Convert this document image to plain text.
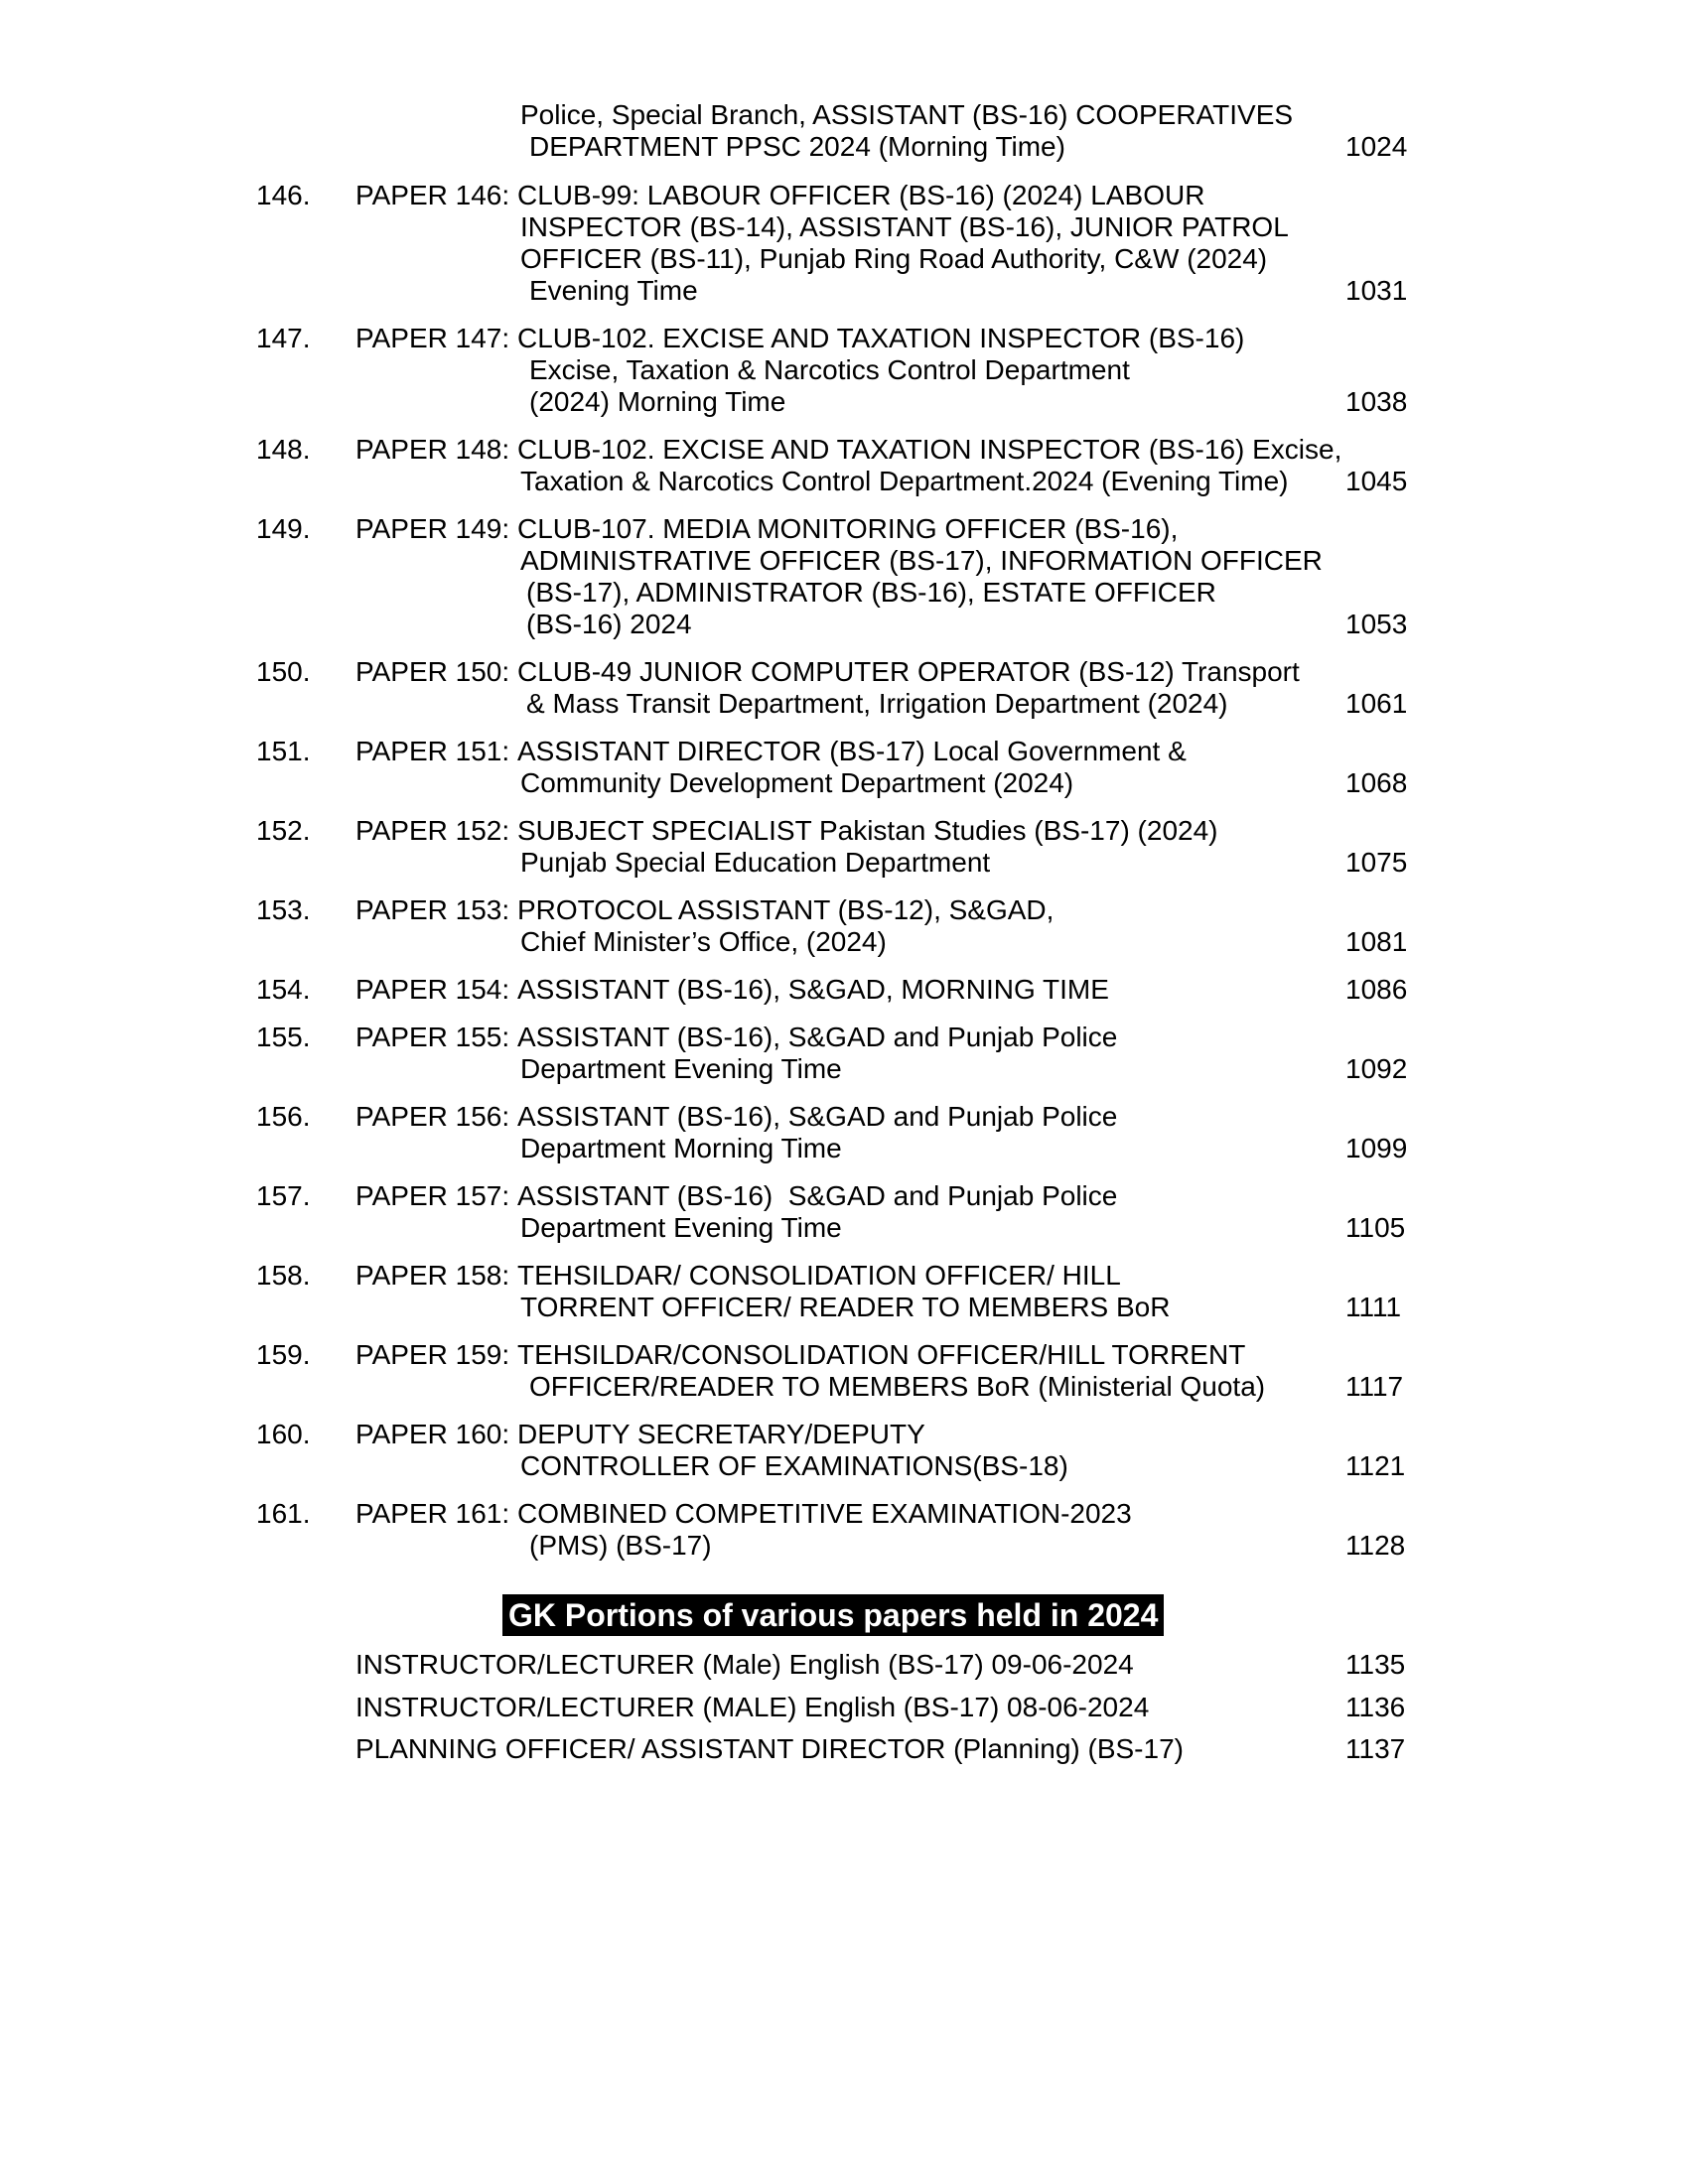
Police, Special Branch, ASSISTANT (BS-16) COOPERATIVES
DEPARTMENT PPSC 2024 (Morning Time)	1024
146. PAPER 146: CLUB-99: LABOUR OFFICER (BS-16) (2024) LABOUR
INSPECTOR (BS-14), ASSISTANT (BS-16), JUNIOR PATROL
OFFICER (BS-11), Punjab Ring Road Authority, C&W (2024)
Evening Time	1031
147. PAPER 147: CLUB-102. EXCISE AND TAXATION INSPECTOR (BS-16)
Excise, Taxation & Narcotics Control Department
(2024) Morning Time	1038
148. PAPER 148: CLUB-102. EXCISE AND TAXATION INSPECTOR (BS-16) Excise,
Taxation & Narcotics Control Department.2024 (Evening Time) 1045
149. PAPER 149: CLUB-107. MEDIA MONITORING OFFICER (BS-16),
ADMINISTRATIVE OFFICER (BS-17), INFORMATION OFFICER
(BS-17), ADMINISTRATOR (BS-16), ESTATE OFFICER
(BS-16) 2024	1053
150. PAPER 150: CLUB-49 JUNIOR COMPUTER OPERATOR (BS-12) Transport
& Mass Transit Department, Irrigation Department (2024)	1061
151. PAPER 151: ASSISTANT DIRECTOR (BS-17) Local Government &
Community Development Department (2024)	1068
152. PAPER 152: SUBJECT SPECIALIST Pakistan Studies (BS-17) (2024)
Punjab Special Education Department	1075
153. PAPER 153: PROTOCOL ASSISTANT (BS-12), S&GAD,
Chief Minister’s Office, (2024)	1081
154. PAPER 154: ASSISTANT (BS-16), S&GAD, MORNING TIME	1086
155. PAPER 155: ASSISTANT (BS-16), S&GAD and Punjab Police
Department Evening Time	1092
156. PAPER 156: ASSISTANT (BS-16), S&GAD and Punjab Police
Department Morning Time	1099
157. PAPER 157: ASSISTANT (BS-16)  S&GAD and Punjab Police
Department Evening Time	1105
158. PAPER 158: TEHSILDAR/ CONSOLIDATION OFFICER/ HILL
TORRENT OFFICER/ READER TO MEMBERS BoR	1111
159. PAPER 159: TEHSILDAR/CONSOLIDATION OFFICER/HILL TORRENT
OFFICER/READER TO MEMBERS BoR (Ministerial Quota)	1117
160. PAPER 160: DEPUTY SECRETARY/DEPUTY
CONTROLLER OF EXAMINATIONS(BS-18)	1121
161. PAPER 161: COMBINED COMPETITIVE EXAMINATION-2023
(PMS) (BS-17)	1128
GK Portions of various papers held in 2024
INSTRUCTOR/LECTURER (Male) English (BS-17) 09-06-2024	1135
INSTRUCTOR/LECTURER (MALE) English (BS-17) 08-06-2024	1136
PLANNING OFFICER/ ASSISTANT DIRECTOR (Planning) (BS-17)	1137
